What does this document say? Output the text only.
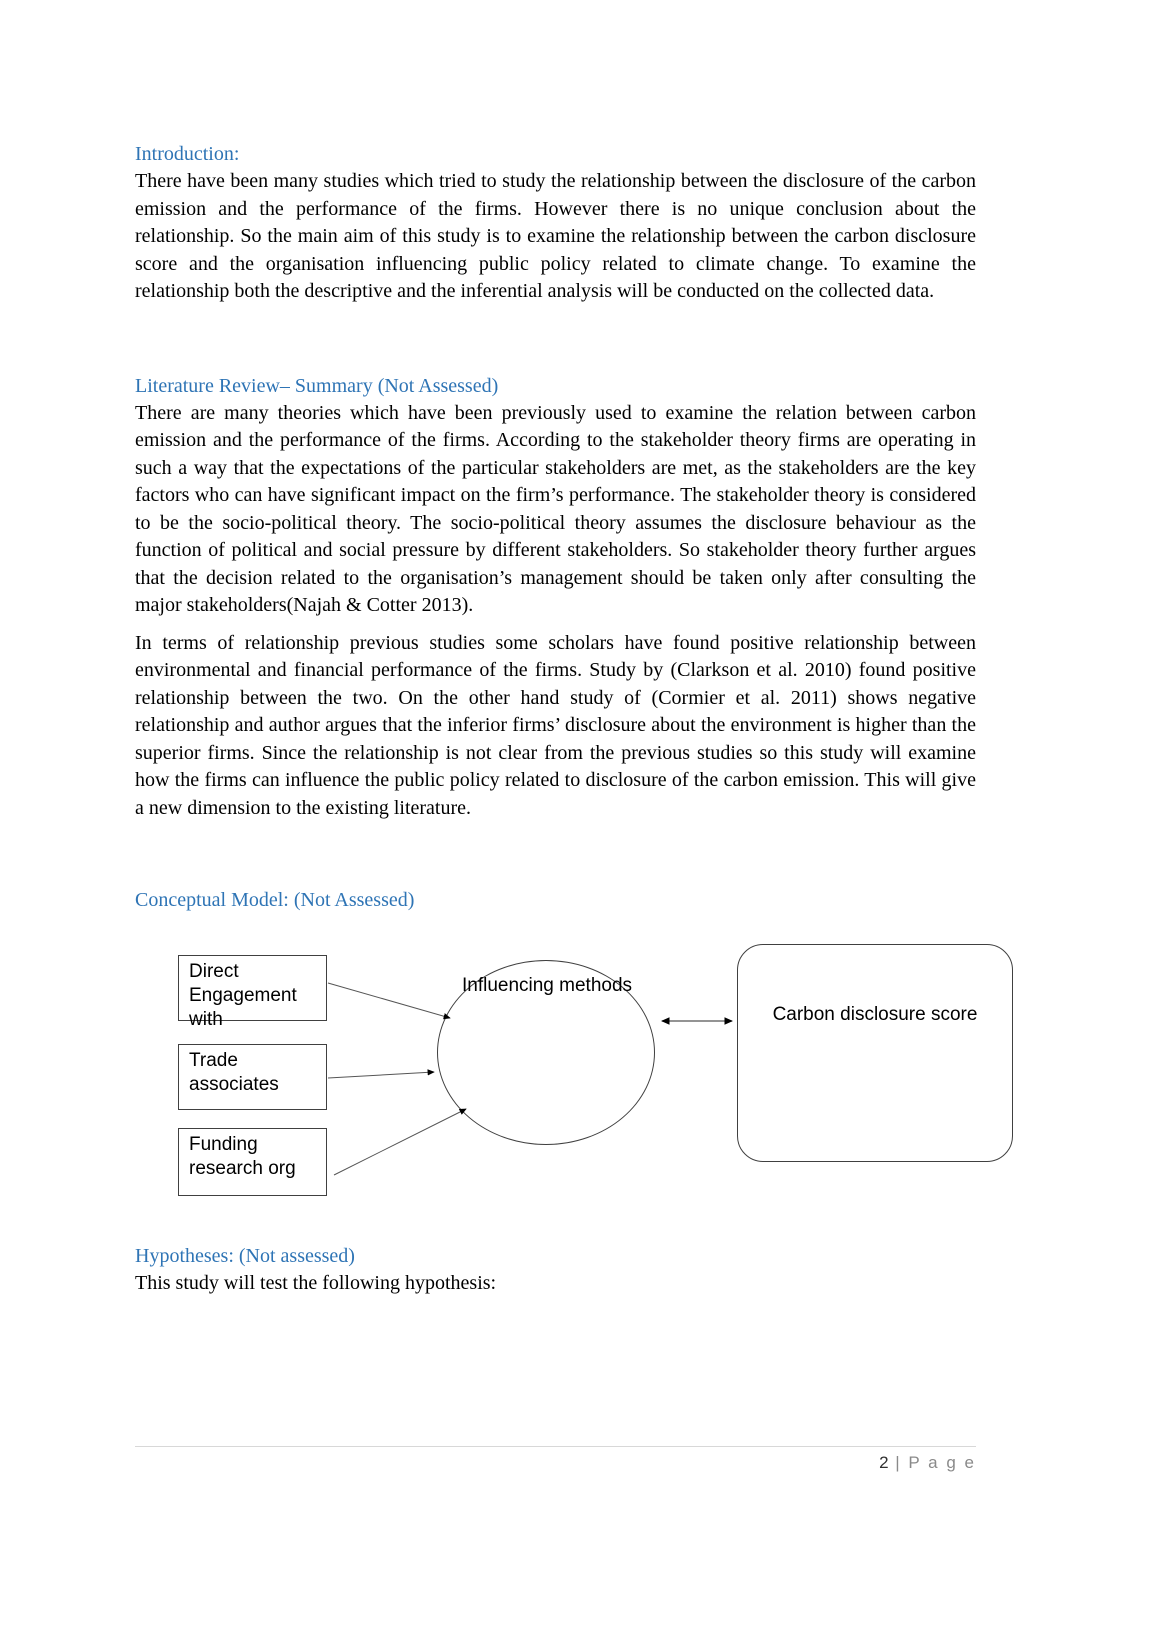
Introduction:

There have been many studies which tried to study the relationship between the disclosure of the carbon emission and the performance of the firms. However there is no unique conclusion about the relationship. So the main aim of this study is to examine the relationship between the carbon disclosure score and the organisation influencing public policy related to climate change. To examine the relationship both the descriptive and the inferential analysis will be conducted on the collected data.

Literature Review– Summary (Not Assessed)

There are many theories which have been previously used to examine the relation between carbon emission and the performance of the firms. According to the stakeholder theory firms are operating in such a way that the expectations of the particular stakeholders are met, as the stakeholders are the key factors who can have significant impact on the firm’s performance. The stakeholder theory is considered to be the socio-political theory. The socio-political theory assumes the disclosure behaviour as the function of political and social pressure by different stakeholders. So stakeholder theory further argues that the decision related to the organisation’s management should be taken only after consulting the major stakeholders(Najah & Cotter 2013).

In terms of relationship previous studies some scholars have found positive relationship between environmental and financial performance of the firms. Study by (Clarkson et al. 2010) found positive relationship between the two. On the other hand study of (Cormier et al. 2011) shows negative relationship and author argues that the inferior firms’ disclosure about the environment is higher than the superior firms. Since the relationship is not clear from the previous studies so this study will examine how the firms can influence the public policy related to disclosure of the carbon emission. This will give a new dimension to the existing literature.

Conceptual Model: (Not Assessed)
Direct Engagement with
Trade associates
Funding research org
Influencing methods
Carbon disclosure score
Hypotheses: (Not assessed)

This study will test the following hypothesis:

2 | P a g e
